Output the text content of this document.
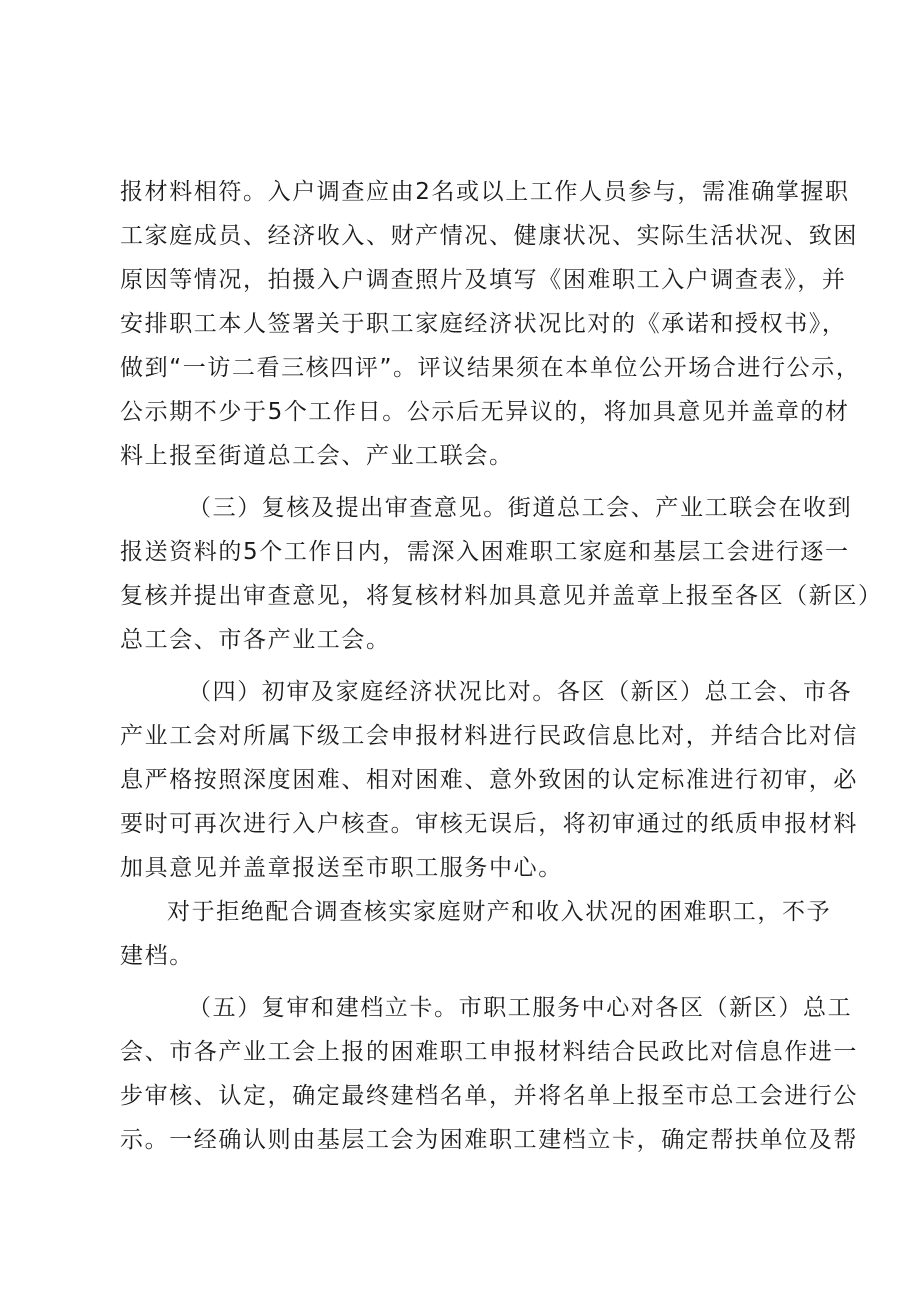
报材料相符。入户调查应由2名或以上工作人员参与，需准确掌握职
工家庭成员、经济收入、财产情况、健康状况、实际生活状况、致困
原因等情况，拍摄入户调查照片及填写《困难职工入户调查表》，并
安排职工本人签署关于职工家庭经济状况比对的《承诺和授权书》，
做到“一访二看三核四评”。评议结果须在本单位公开场合进行公示，
公示期不少于5个工作日。公示后无异议的，将加具意见并盖章的材
料上报至街道总工会、产业工联会。
（三）复核及提出审查意见。街道总工会、产业工联会在收到
报送资料的5个工作日内，需深入困难职工家庭和基层工会进行逐一
复核并提出审查意见，将复核材料加具意见并盖章上报至各区（新区）
总工会、市各产业工会。
（四）初审及家庭经济状况比对。各区（新区）总工会、市各
产业工会对所属下级工会申报材料进行民政信息比对，并结合比对信
息严格按照深度困难、相对困难、意外致困的认定标准进行初审，必
要时可再次进行入户核查。审核无误后，将初审通过的纸质申报材料
加具意见并盖章报送至市职工服务中心。
对于拒绝配合调查核实家庭财产和收入状况的困难职工，不予
建档。
（五）复审和建档立卡。市职工服务中心对各区（新区）总工
会、市各产业工会上报的困难职工申报材料结合民政比对信息作进一
步审核、认定，确定最终建档名单，并将名单上报至市总工会进行公
示。一经确认则由基层工会为困难职工建档立卡，确定帮扶单位及帮
